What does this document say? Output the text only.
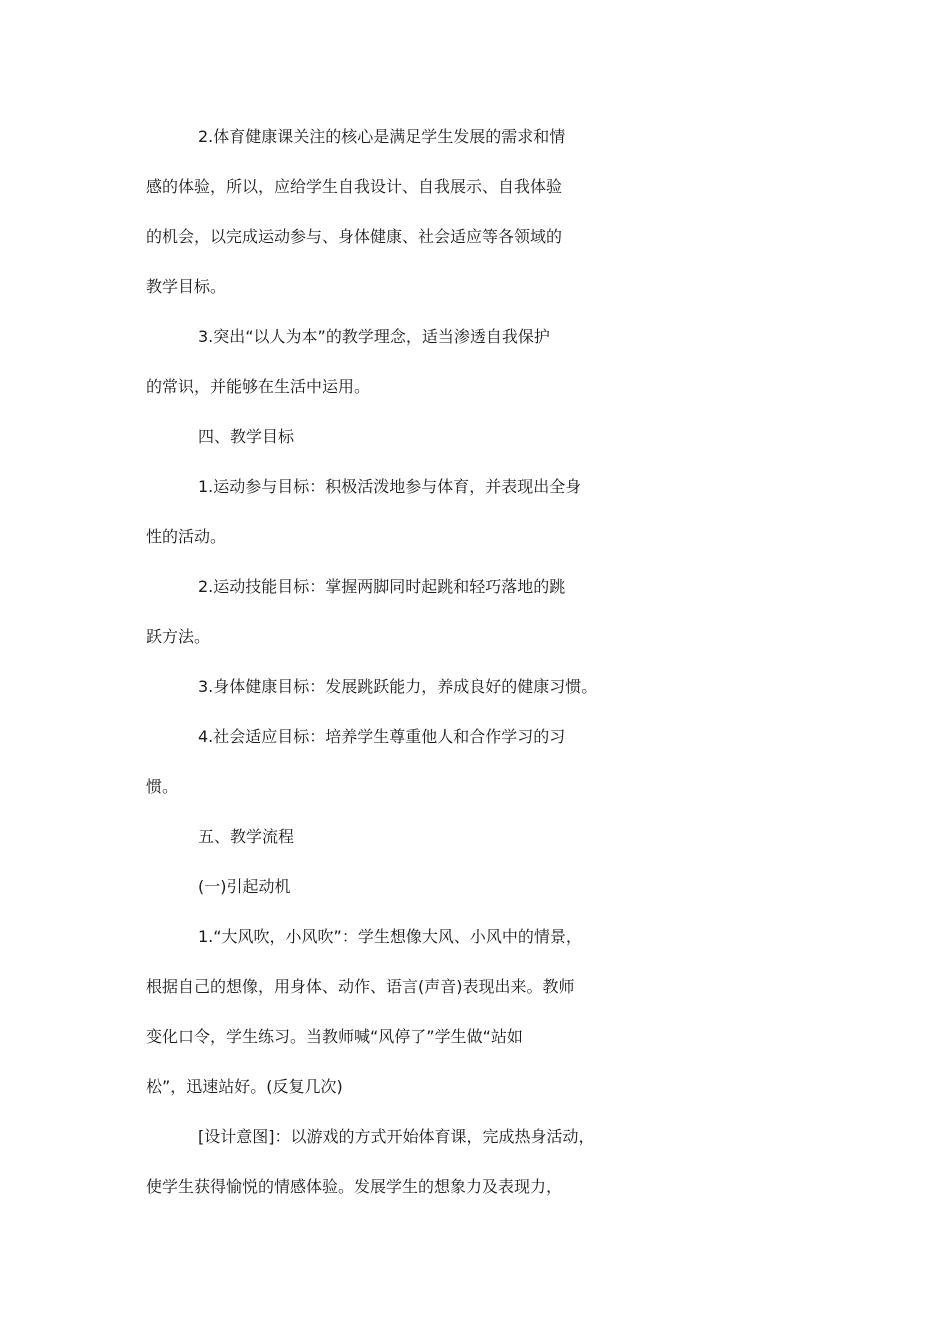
2.体育健康课关注的核心是满足学生发展的需求和情
感的体验，所以，应给学生自我设计、自我展示、自我体验
的机会，以完成运动参与、身体健康、社会适应等各领域的
教学目标。
3.突出“以人为本”的教学理念，适当渗透自我保护
的常识，并能够在生活中运用。
四、教学目标
1.运动参与目标：积极活泼地参与体育，并表现出全身
性的活动。
2.运动技能目标：掌握两脚同时起跳和轻巧落地的跳
跃方法。
3.身体健康目标：发展跳跃能力，养成良好的健康习惯。
4.社会适应目标：培养学生尊重他人和合作学习的习
惯。
五、教学流程
(一)引起动机
1.“大风吹，小风吹”：学生想像大风、小风中的情景，
根据自己的想像，用身体、动作、语言(声音)表现出来。教师
变化口令，学生练习。当教师喊“风停了”学生做“站如
松”，迅速站好。(反复几次)
[设计意图]：以游戏的方式开始体育课，完成热身活动，
使学生获得愉悦的情感体验。发展学生的想象力及表现力，
